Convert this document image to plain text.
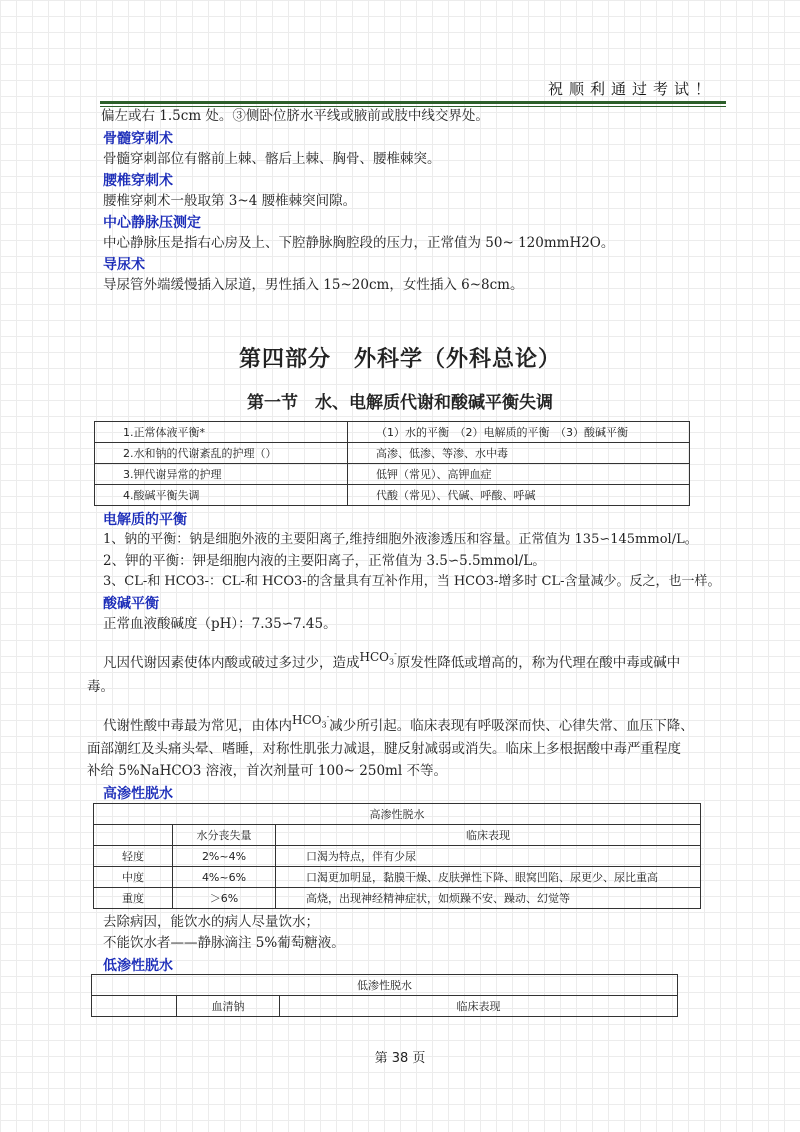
祝顺利通过考试！
偏左或右 1.5cm 处。③侧卧位脐水平线或腋前或肢中线交界处。
骨髓穿刺术
骨髓穿刺部位有髂前上棘、髂后上棘、胸骨、腰椎棘突。
腰椎穿刺术
腰椎穿刺术一般取第 3~4 腰椎棘突间隙。
中心静脉压测定
中心静脉压是指右心房及上、下腔静脉胸腔段的压力，正常值为 50~ 120mmH2O。
导尿术
导尿管外端缓慢插入尿道，男性插入 15~20cm，女性插入 6~8cm。
第四部分　外科学（外科总论）
第一节　水、电解质代谢和酸碱平衡失调
1.正常体液平衡*	（1）水的平衡　（2）电解质的平衡　（3）酸碱平衡
2.水和钠的代谢紊乱的护理（）	高渗、低渗、等渗、水中毒
3.钾代谢异常的护理	低钾（常见）、高钾血症
4.酸碱平衡失调	代酸（常见）、代碱、呼酸、呼碱
电解质的平衡
1、钠的平衡：钠是细胞外液的主要阳离子,维持细胞外液渗透压和容量。正常值为 135∽145mmol/L。
2、钾的平衡：钾是细胞内液的主要阳离子，正常值为 3.5∽5.5mmol/L。
3、CL-和 HCO3-：CL-和 HCO3-的含量具有互补作用，当 HCO3-增多时 CL-含量减少。反之，也一样。
酸碱平衡
正常血液酸碱度（pH）：7.35∽7.45。
凡因代谢因素使体内酸或破过多过少，造成$HCO_3^-$原发性降低或增高的，称为代理在酸中毒或碱中
毒。
代谢性酸中毒最为常见，由体内$HCO_3^-$减少所引起。临床表现有呼吸深而快、心律失常、血压下降、
面部潮红及头痛头晕、嗜睡，对称性肌张力减退，腱反射减弱或消失。临床上多根据酸中毒严重程度
补给 5%NaHCO3 溶液，首次剂量可 100~ 250ml 不等。
高渗性脱水
高渗性脱水		
	水分丧失量	临床表现
轻度	2%~4%	口渴为特点，伴有少尿
中度	4%~6%	口渴更加明显，黏膜干燥、皮肤弹性下降、眼窝凹陷、尿更少、尿比重高
重度	＞6%	高烧，出现神经精神症状，如烦躁不安、躁动、幻觉等
去除病因，能饮水的病人尽量饮水；
不能饮水者——静脉滴注 5%葡萄糖液。
低渗性脱水
低渗性脱水
	血清钠	临床表现
第 38 页
